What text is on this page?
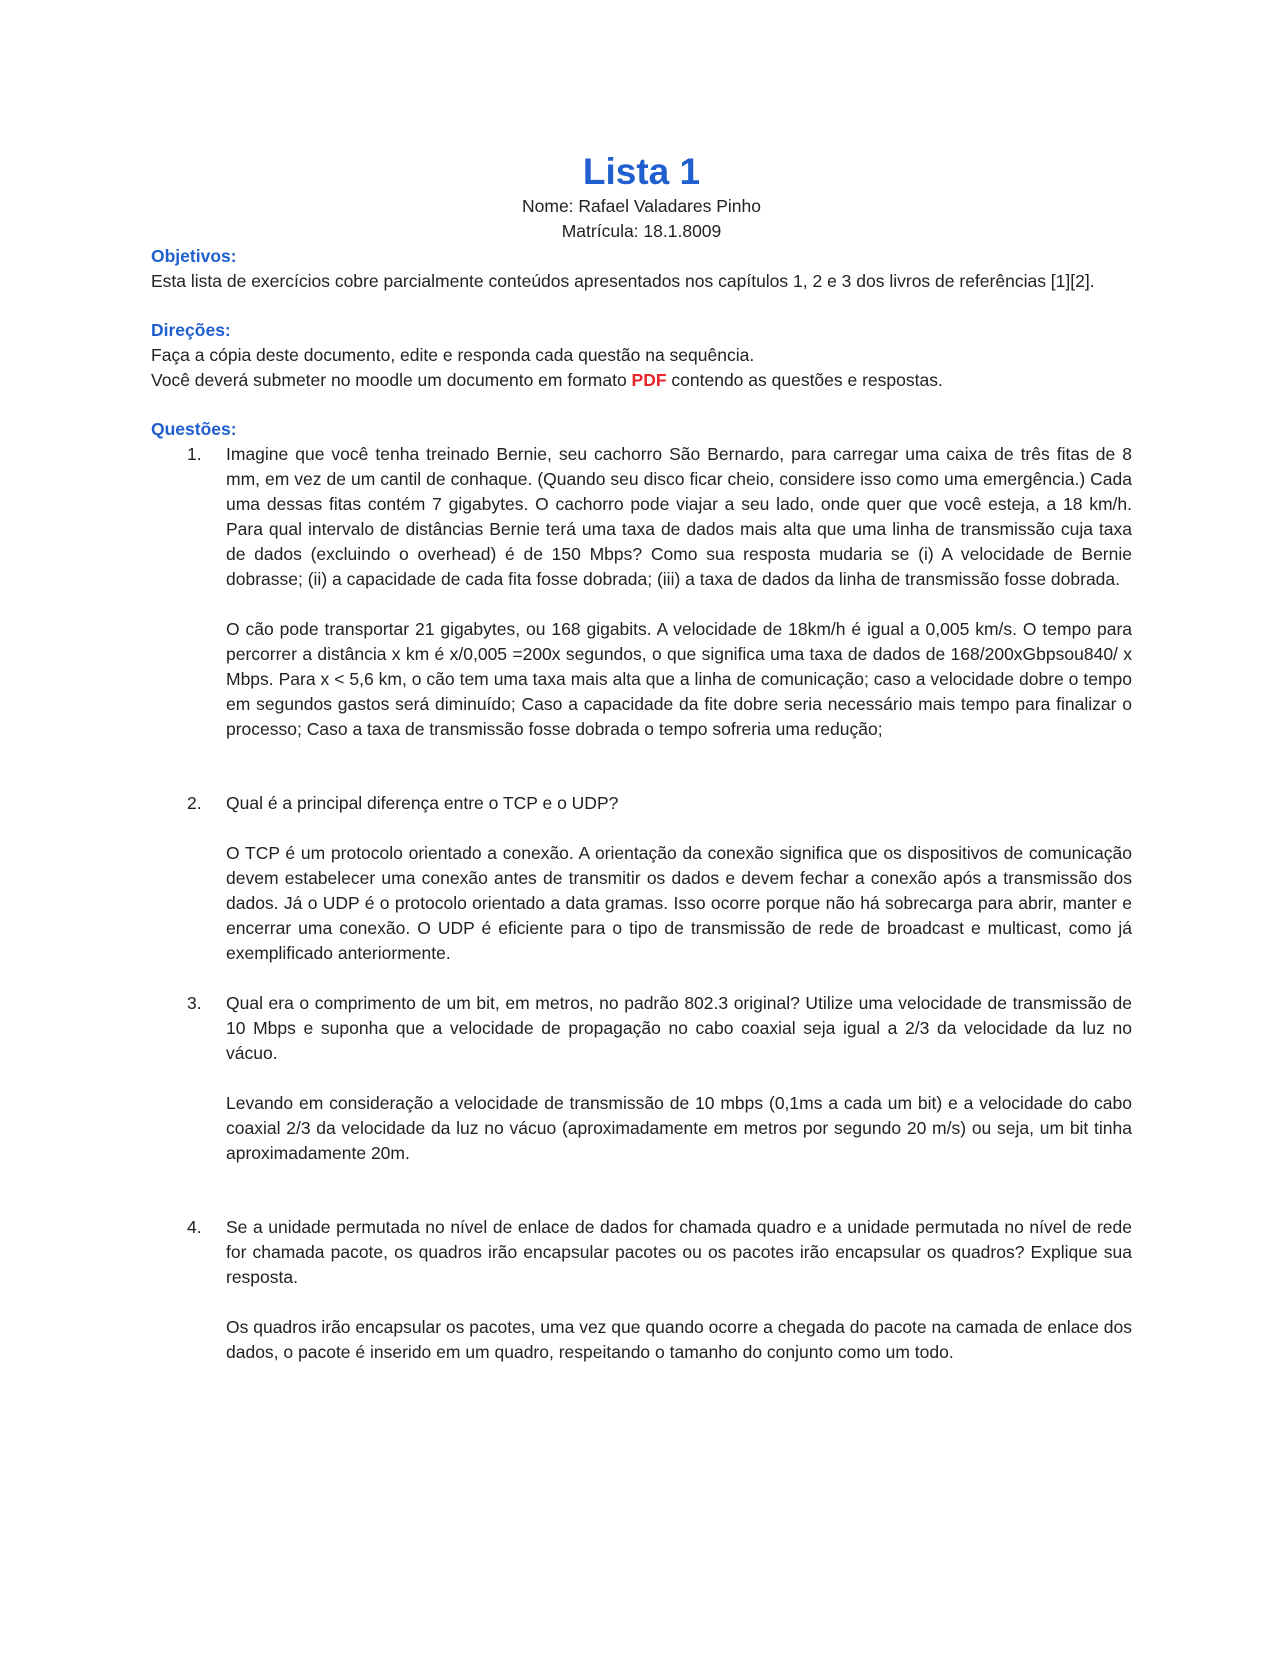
Lista 1
Nome: Rafael Valadares Pinho
Matrícula: 18.1.8009
Objetivos:
Esta lista de exercícios cobre parcialmente conteúdos apresentados nos capítulos 1, 2 e 3 dos livros de referências [1][2].
Direções:
Faça a cópia deste documento, edite e responda cada questão na sequência.
Você deverá submeter no moodle um documento em formato PDF contendo as questões e respostas.
Questões:
1. Imagine que você tenha treinado Bernie, seu cachorro São Bernardo, para carregar uma caixa de três fitas de 8 mm, em vez de um cantil de conhaque. (Quando seu disco ficar cheio, considere isso como uma emergência.) Cada uma dessas fitas contém 7 gigabytes. O cachorro pode viajar a seu lado, onde quer que você esteja, a 18 km/h. Para qual intervalo de distâncias Bernie terá uma taxa de dados mais alta que uma linha de transmissão cuja taxa de dados (excluindo o overhead) é de 150 Mbps? Como sua resposta mudaria se (i) A velocidade de Bernie dobrasse; (ii) a capacidade de cada fita fosse dobrada; (iii) a taxa de dados da linha de transmissão fosse dobrada.
O cão pode transportar 21 gigabytes, ou 168 gigabits. A velocidade de 18km/h é igual a 0,005 km/s. O tempo para percorrer a distância x km é x/0,005 =200x segundos, o que significa uma taxa de dados de 168/200xGbpsou840/ x Mbps. Para x < 5,6 km, o cão tem uma taxa mais alta que a linha de comunicação; caso a velocidade dobre o tempo em segundos gastos será diminuído; Caso a capacidade da fite dobre seria necessário mais tempo para finalizar o processo; Caso a taxa de transmissão fosse dobrada o tempo sofreria uma redução;
2. Qual é a principal diferença entre o TCP e o UDP?
O TCP é um protocolo orientado a conexão. A orientação da conexão significa que os dispositivos de comunicação devem estabelecer uma conexão antes de transmitir os dados e devem fechar a conexão após a transmissão dos dados. Já o UDP é o protocolo orientado a data gramas. Isso ocorre porque não há sobrecarga para abrir, manter e encerrar uma conexão. O UDP é eficiente para o tipo de transmissão de rede de broadcast e multicast, como já exemplificado anteriormente.
3. Qual era o comprimento de um bit, em metros, no padrão 802.3 original? Utilize uma velocidade de transmissão de 10 Mbps e suponha que a velocidade de propagação no cabo coaxial seja igual a 2/3 da velocidade da luz no vácuo.
Levando em consideração a velocidade de transmissão de 10 mbps (0,1ms a cada um bit) e a velocidade do cabo coaxial 2/3 da velocidade da luz no vácuo (aproximadamente em metros por segundo 20 m/s) ou seja, um bit tinha aproximadamente 20m.
4. Se a unidade permutada no nível de enlace de dados for chamada quadro e a unidade permutada no nível de rede for chamada pacote, os quadros irão encapsular pacotes ou os pacotes irão encapsular os quadros? Explique sua resposta.
Os quadros irão encapsular os pacotes, uma vez que quando ocorre a chegada do pacote na camada de enlace dos dados, o pacote é inserido em um quadro, respeitando o tamanho do conjunto como um todo.
